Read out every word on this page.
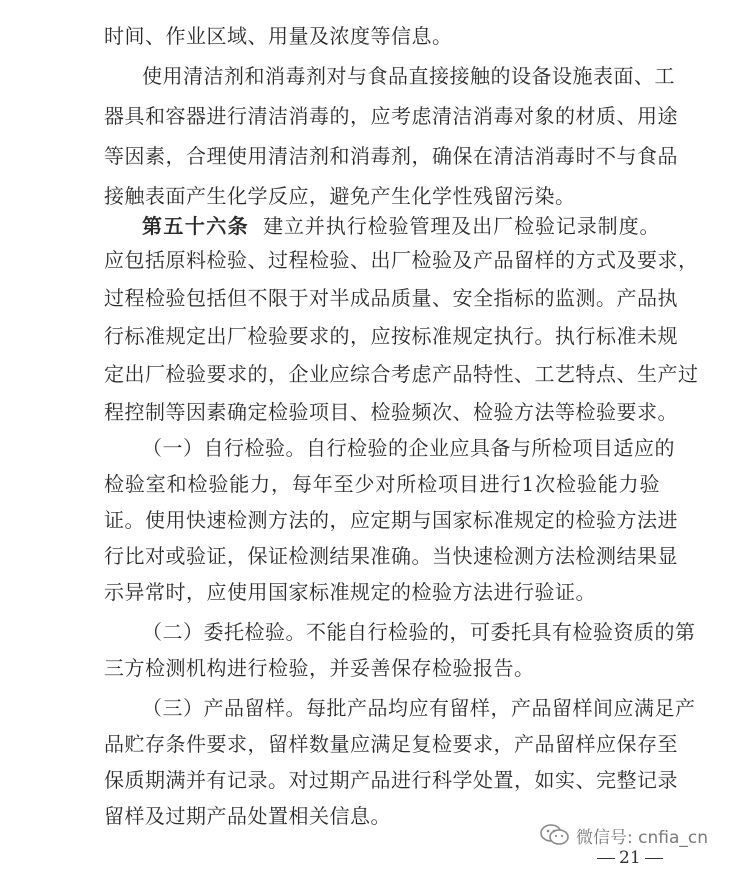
时间、作业区域、用量及浓度等信息。
使用清洁剂和消毒剂对与食品直接接触的设备设施表面、工
器具和容器进行清洁消毒的，应考虑清洁消毒对象的材质、用途
等因素，合理使用清洁剂和消毒剂，确保在清洁消毒时不与食品
接触表面产生化学反应，避免产生化学性残留污染。
第五十六条 建立并执行检验管理及出厂检验记录制度。
应包括原料检验、过程检验、出厂检验及产品留样的方式及要求，
过程检验包括但不限于对半成品质量、安全指标的监测。产品执
行标准规定出厂检验要求的，应按标准规定执行。执行标准未规
定出厂检验要求的，企业应综合考虑产品特性、工艺特点、生产过
程控制等因素确定检验项目、检验频次、检验方法等检验要求。
（一）自行检验。自行检验的企业应具备与所检项目适应的
检验室和检验能力，每年至少对所检项目进行1次检验能力验
证。使用快速检测方法的，应定期与国家标准规定的检验方法进
行比对或验证，保证检测结果准确。当快速检测方法检测结果显
示异常时，应使用国家标准规定的检验方法进行验证。
（二）委托检验。不能自行检验的，可委托具有检验资质的第
三方检测机构进行检验，并妥善保存检验报告。
（三）产品留样。每批产品均应有留样，产品留样间应满足产
品贮存条件要求，留样数量应满足复检要求，产品留样应保存至
保质期满并有记录。对过期产品进行科学处置，如实、完整记录
留样及过期产品处置相关信息。
微信号: cnfia_cn
21
